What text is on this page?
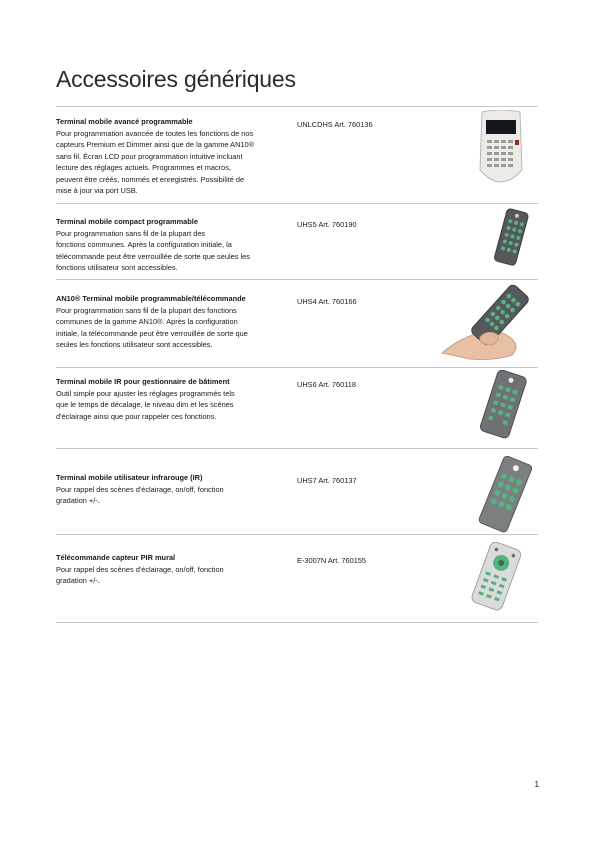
Accessoires génériques
Terminal mobile avancé programmable
Pour programmation avancée de toutes les fonctions de nos
capteurs Premium et Dimmer ainsi que de la gamme AN10®
sans fil. Écran LCD pour programmation intuitive incluant
lecture des réglages actuels. Programmes et macros,
peuvent être créés, nommés et enregistrés. Possibilité de
mise à jour via port USB.
UNLCDHS Art. 760136
Terminal mobile compact programmable
Pour programmation sans fil de la plupart des
fonctions communes. Après la configuration initiale, la
télécommande peut être verrouillée de sorte que seules les
fonctions utilisateur sont accessibles.
UHS5 Art. 760190
AN10® Terminal mobile programmable/télécommande
Pour programmation sans fil de la plupart des fonctions
communes de la gamme AN10®. Après la configuration
initiale, la télécommande peut être verrouillée de sorte que
seules les fonctions utilisateur sont accessibles.
UHS4 Art. 760166
Terminal mobile IR pour gestionnaire de bâtiment
Outil simple pour ajuster les réglages programmés tels
que le temps de décalage, le niveau dim et les scènes
d'éclairage ainsi que pour rappeler ces fonctions.
UHS6 Art. 760118
Terminal mobile utilisateur infrarouge (IR)
Pour rappel des scènes d'éclairage, on/off, fonction
gradation +/-.
UHS7 Art. 760137
Télécommande capteur PIR mural
Pour rappel des scènes d'éclairage, on/off, fonction
gradation +/-.
E-3007N Art. 760155
1
